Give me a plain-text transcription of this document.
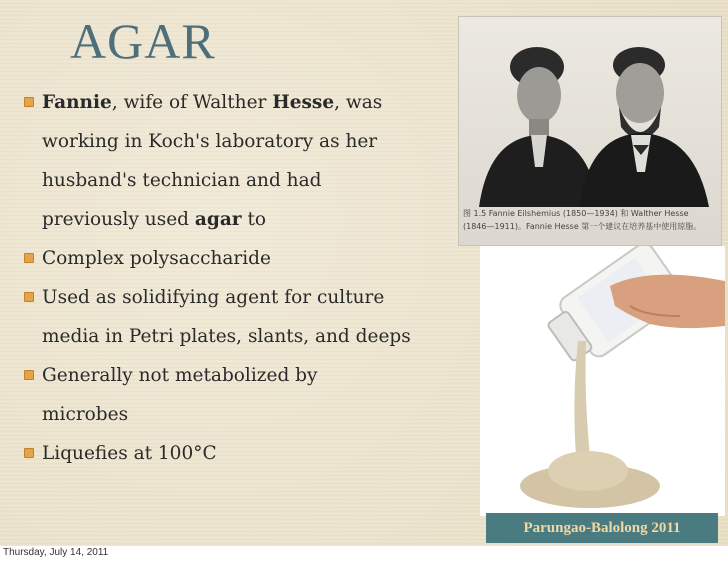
AGAR
Fannie, wife of Walther Hesse, was
working in Koch's laboratory as her
husband's technician and had
previously used agar to
Complex polysaccharide
Used as solidifying agent for culture
media in Petri plates, slants, and deeps
Generally not metabolized by
microbes
Liquefies at 100°C
图 1.5 Fannie Eilshemius (1850—1934) 和 Walther Hesse
(1846—1911)。Fannie Hesse 第一个建议在培养基中使用琼脂。
Parungao-Balolong 2011
Thursday, July 14, 2011
